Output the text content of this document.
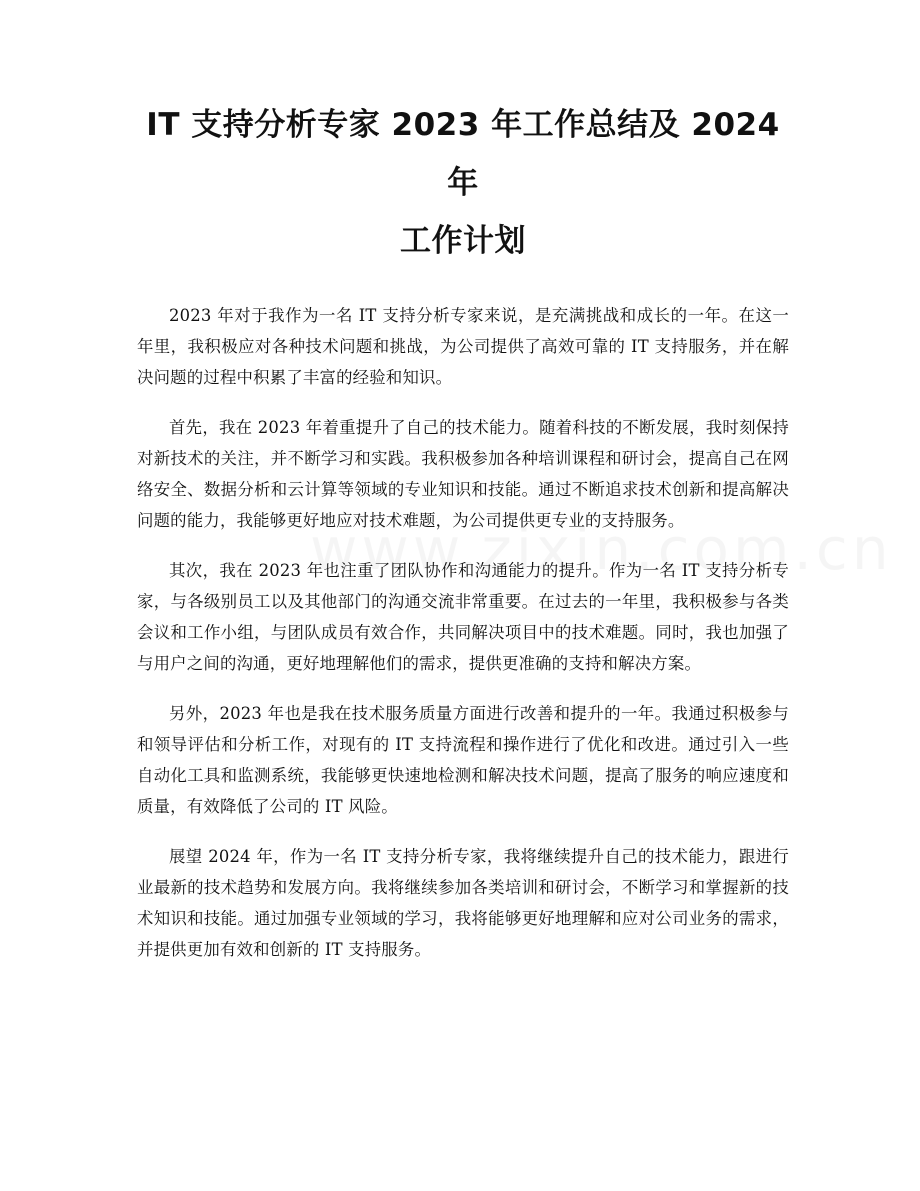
IT 支持分析专家 2023 年工作总结及 2024 年
工作计划

2023 年对于我作为一名 IT 支持分析专家来说，是充满挑战和成长的一年。在这一年里，我积极应对各种技术问题和挑战，为公司提供了高效可靠的 IT 支持服务，并在解决问题的过程中积累了丰富的经验和知识。

首先，我在 2023 年着重提升了自己的技术能力。随着科技的不断发展，我时刻保持对新技术的关注，并不断学习和实践。我积极参加各种培训课程和研讨会，提高自己在网络安全、数据分析和云计算等领域的专业知识和技能。通过不断追求技术创新和提高解决问题的能力，我能够更好地应对技术难题，为公司提供更专业的支持服务。

其次，我在 2023 年也注重了团队协作和沟通能力的提升。作为一名 IT 支持分析专家，与各级别员工以及其他部门的沟通交流非常重要。在过去的一年里，我积极参与各类会议和工作小组，与团队成员有效合作，共同解决项目中的技术难题。同时，我也加强了与用户之间的沟通，更好地理解他们的需求，提供更准确的支持和解决方案。

另外，2023 年也是我在技术服务质量方面进行改善和提升的一年。我通过积极参与和领导评估和分析工作，对现有的 IT 支持流程和操作进行了优化和改进。通过引入一些自动化工具和监测系统，我能够更快速地检测和解决技术问题，提高了服务的响应速度和质量，有效降低了公司的 IT 风险。

展望 2024 年，作为一名 IT 支持分析专家，我将继续提升自己的技术能力，跟进行业最新的技术趋势和发展方向。我将继续参加各类培训和研讨会，不断学习和掌握新的技术知识和技能。通过加强专业领域的学习，我将能够更好地理解和应对公司业务的需求，并提供更加有效和创新的 IT 支持服务。
